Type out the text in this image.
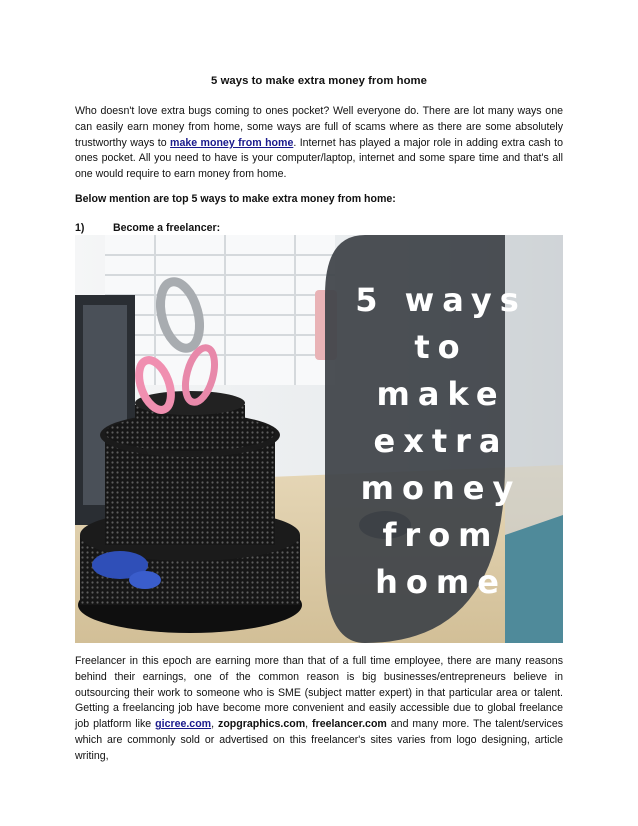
5 ways to make extra money from home
Who doesn't love extra bugs coming to ones pocket? Well everyone do. There are lot many ways one can easily earn money from home, some ways are full of scams where as there are some absolutely trustworthy ways to make money from home. Internet has played a major role in adding extra cash to ones pocket. All you need to have is your computer/laptop, internet and some spare time and that's all one would require to earn money from home.
Below mention are top 5 ways to make extra money from home:
1)	Become a freelancer:
5 ways
to
make
extra
money
from
home
Freelancer in this epoch are earning more than that of a full time employee, there are many reasons behind their earnings, one of the common reason is big businesses/entrepreneurs believe in outsourcing their work to someone who is SME (subject matter expert) in that particular area or talent. Getting a freelancing job have become more convenient and easily accessible due to global freelance job platform like gicree.com, zopgraphics.com, freelancer.com and many more. The talent/services which are commonly sold or advertised on this freelancer's sites varies from logo designing, article writing,
